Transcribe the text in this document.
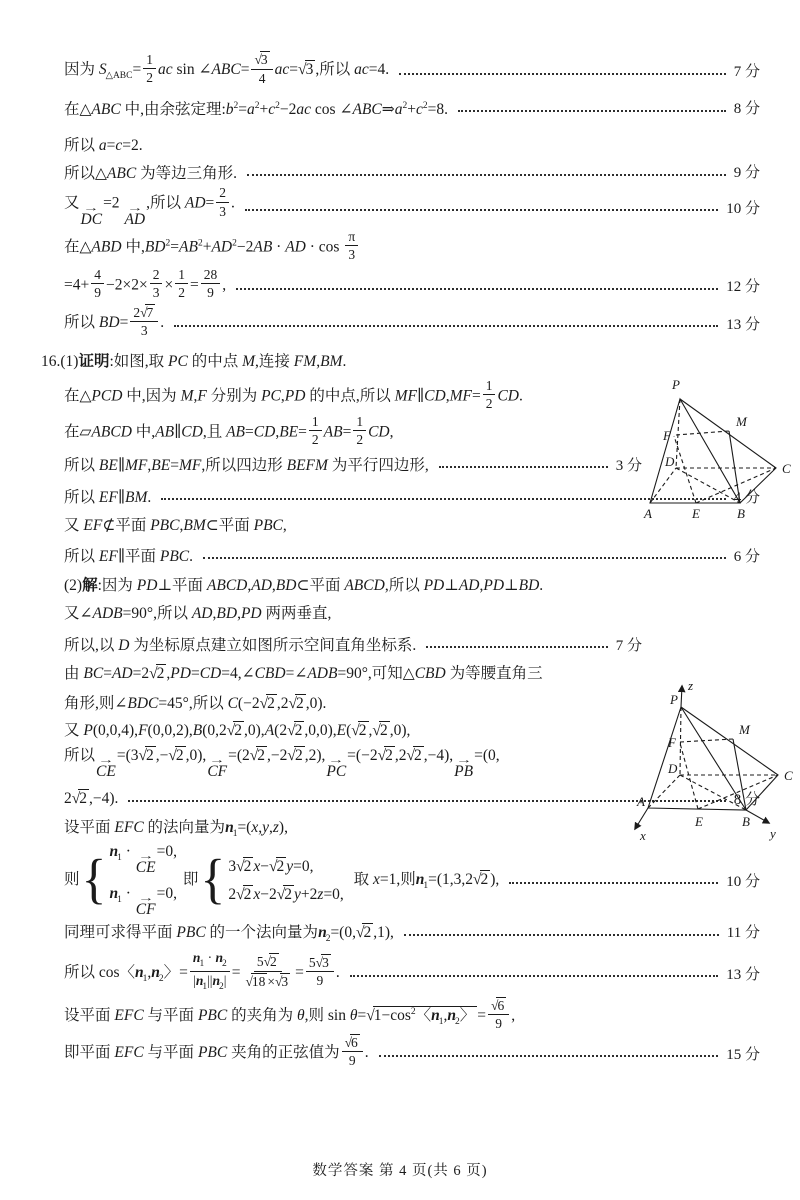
因为 $S_{\triangle ABC}= \frac{1}{2}$ ac sin ∠ABC= $\frac{√3}{4} ac=√3$ ,所以 ac=4.	7 分
在△ABC 中,由余弦定理$:b^2=a^2+c^2-2ac$ $\cos \angle ABC\Rightarrow a^2+c^2=8$.	8 分
所以 a=c=2.
所以△ABC 为等边三角形.	9 分
又 →
DC
=2 →
AD
,所以 $AD= \frac{2}{3}$ .	10 分
在△ABD 中$,BD^2=AB^2+AD^2-2AB$ · AD · $\cos \frac{\pi}{3}$
$=4+ \frac{4}{9} -2\times 2\times \frac{2}{3} \times \frac{1}{2} = \frac{28}{9}$ ,	12 分
所以 $BD= \frac{2√7}{3}$ .	13 分
16.(1)证明:如图,取 PC 的中点 M,连接 FM,BM.
在△PCD 中,因为 M,F 分别为 PC,PD 的中点,所以 MF∥CD,MF= $\frac{1}{2}$ CD.
在▱ABCD 中,AB∥CD,且 $AB=CD,BE= \frac{1}{2} AB= \frac{1}{2}$ CD,
所以 BE∥MF,BE=MF,所以四边形 BEFM 为平行四边形,	3 分
所以 EF∥BM.	4 分
又 EF⊄平面 PBC,BM⊂平面 PBC,
所以 EF∥平面 PBC.	6 分
(2)解:因为 PD⊥平面 ABCD,AD,BD⊂平面 ABCD,所以 PD⊥AD,PD⊥BD.
又∠ADB=90°,所以 AD,BD,PD 两两垂直,
所以,以 D 为坐标原点建立如图所示空间直角坐标系.	7 分
由 BC=AD=2√2 ,PD=CD=4,∠CBD=∠ADB=90°,可知△CBD 为等腰直角三
角形,则∠BDC=45°,所以 C(−2√2 ,2√2 ,0).
又 P(0,0,4),F(0,0,2),B(0,2√2 ,0),A(2√2 ,0,0),E(√2 ,√2 ,0),
所以 →
CE
=(3√2 ,−√2 ,0), →
CF
=(2√2 ,−2√2 ,2), →
PC
=(−2√2 ,2√2 ,−4), →
PB
=(0,
2√2 ,−4).	8 分
设平面 EFC 的法向量为$n_1=(x,y,z)$,
则 { $n_1$ · →
CE
=0,
$n_1$ · →
CF
=0,
即 { 3√2 x−√2 y=0,
2√2 x−2√2 y+2z=0,
取 x=1,则$n_1=(1,3,2√2$ ),	10 分
同理可求得平面 PBC 的一个法向量为$n_2=(0,√2$ ,1),	11 分
所以 cos〈$n_1,n_2$〉= $\frac{n_1 \cdot n_2}{|n_1||n_2|} = \frac{5√2}{√18 \times√3} = \frac{5√3}{9}$ .	13 分
设平面 EFC 与平面 PBC 的夹角为 θ,则 $\sin \theta=√1-\cos^2$〈$n_1,n_2$〉 = $\frac{√6}{9}$ ,
即平面 EFC 与平面 PBC 夹角的正弦值为 $\frac{√6}{9}$ .	15 分
P
M
F
D	C
A	E	B
z
P
M
F
D	C
A
E	B
x	y
数学答案 第 4 页(共 6 页)
